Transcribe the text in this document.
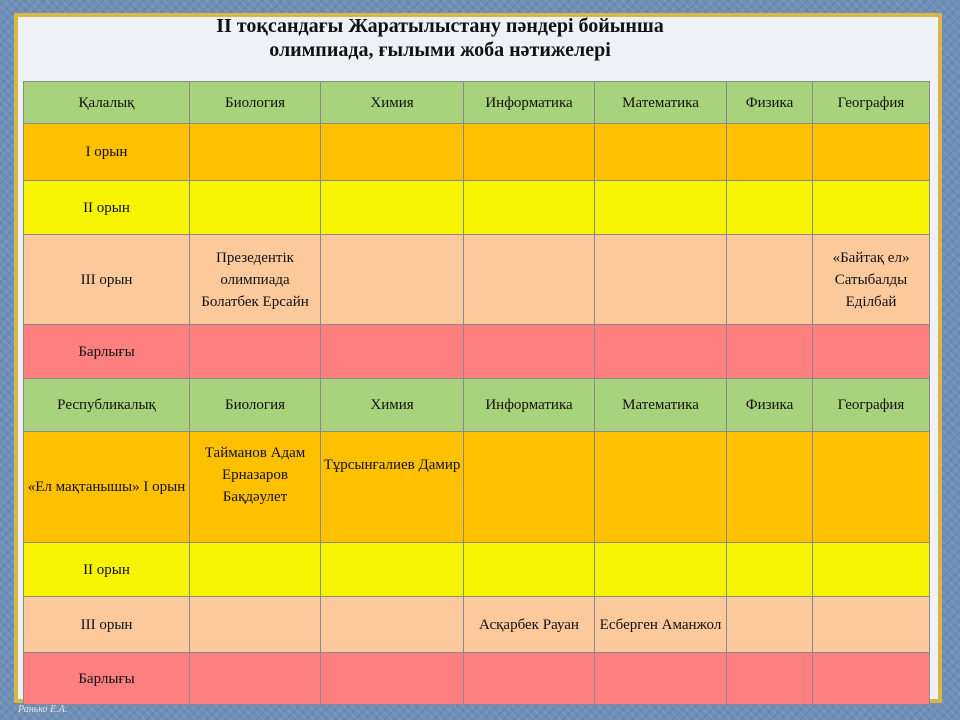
II тоқсандағы Жаратылыстану пәндері бойынша
олимпиада, ғылыми жоба нәтижелері
Қалалық	Биология	Химия	Информатика	Математика	Физика	География
I орын						
II орын						
III орын	Презедентік олимпиада Болатбек Ерсайн					«Байтақ ел» Сатыбалды Еділбай
Барлығы						
Республикалық	Биология	Химия	Информатика	Математика	Физика	География
«Ел мақтанышы» I орын	Тайманов Адам Ерназаров Бақдәулет	Тұрсынғалиев Дамир				
II орын						
III орын			Асқарбек Рауан	Есберген Аманжол		
Барлығы						
Ранько Е.А.
